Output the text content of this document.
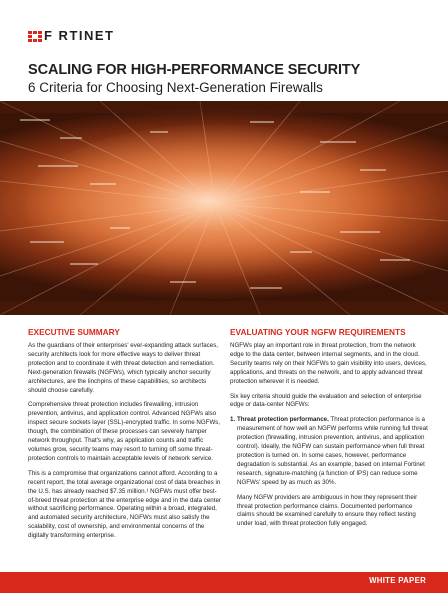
F RTINET
SCALING FOR HIGH-PERFORMANCE SECURITY
6 Criteria for Choosing Next-Generation Firewalls
EXECUTIVE SUMMARY

As the guardians of their enterprises' ever-expanding attack surfaces, security architects look for more effective ways to deliver threat protection and to coordinate it with threat detection and remediation. Next-generation firewalls (NGFWs), which typically anchor security architectures, are the linchpins of these capabilities, so architects should choose carefully.

Comprehensive threat protection includes firewalling, intrusion prevention, antivirus, and application control. Advanced NGFWs also inspect secure sockets layer (SSL)-encrypted traffic. In some NGFWs, though, the combination of these processes can severely hamper network throughput. That's why, as application counts and traffic volumes grow, security teams may resort to turning off some threat-protection controls to maintain acceptable levels of network service.

This is a compromise that organizations cannot afford. According to a recent report, the total average organizational cost of data breaches in the U.S. has already reached $7.35 million.¹ NGFWs must offer best-of-breed threat protection at the enterprise edge and in the data center without sacrificing performance. Operating within a broad, integrated, and automated security architecture, NGFWs must also satisfy the scalability, cost of ownership, and environmental concerns of the digitally transforming enterprise.

EVALUATING YOUR NGFW REQUIREMENTS

NGFWs play an important role in threat protection, from the network edge to the data center, between internal segments, and in the cloud. Security teams rely on their NGFWs to gain visibility into users, devices, applications, and threats on the network, and to apply advanced threat protection wherever it is needed.

Six key criteria should guide the evaluation and selection of enterprise edge or data-center NGFWs:

1. Threat protection performance. Threat protection performance is a measurement of how well an NGFW performs while running full threat protection (firewalling, intrusion prevention, antivirus, and application control). Ideally, the NGFW can sustain performance when full threat protection is turned on. In some cases, however, performance degradation is substantial. As an example, based on internal Fortinet research, signature-matching (a function of IPS) can reduce some NGFWs' speed by as much as 30%.

Many NGFW providers are ambiguous in how they represent their threat protection performance claims. Documented performance claims should be examined carefully to ensure they reflect testing under load, with threat protection fully engaged.

WHITE PAPER
